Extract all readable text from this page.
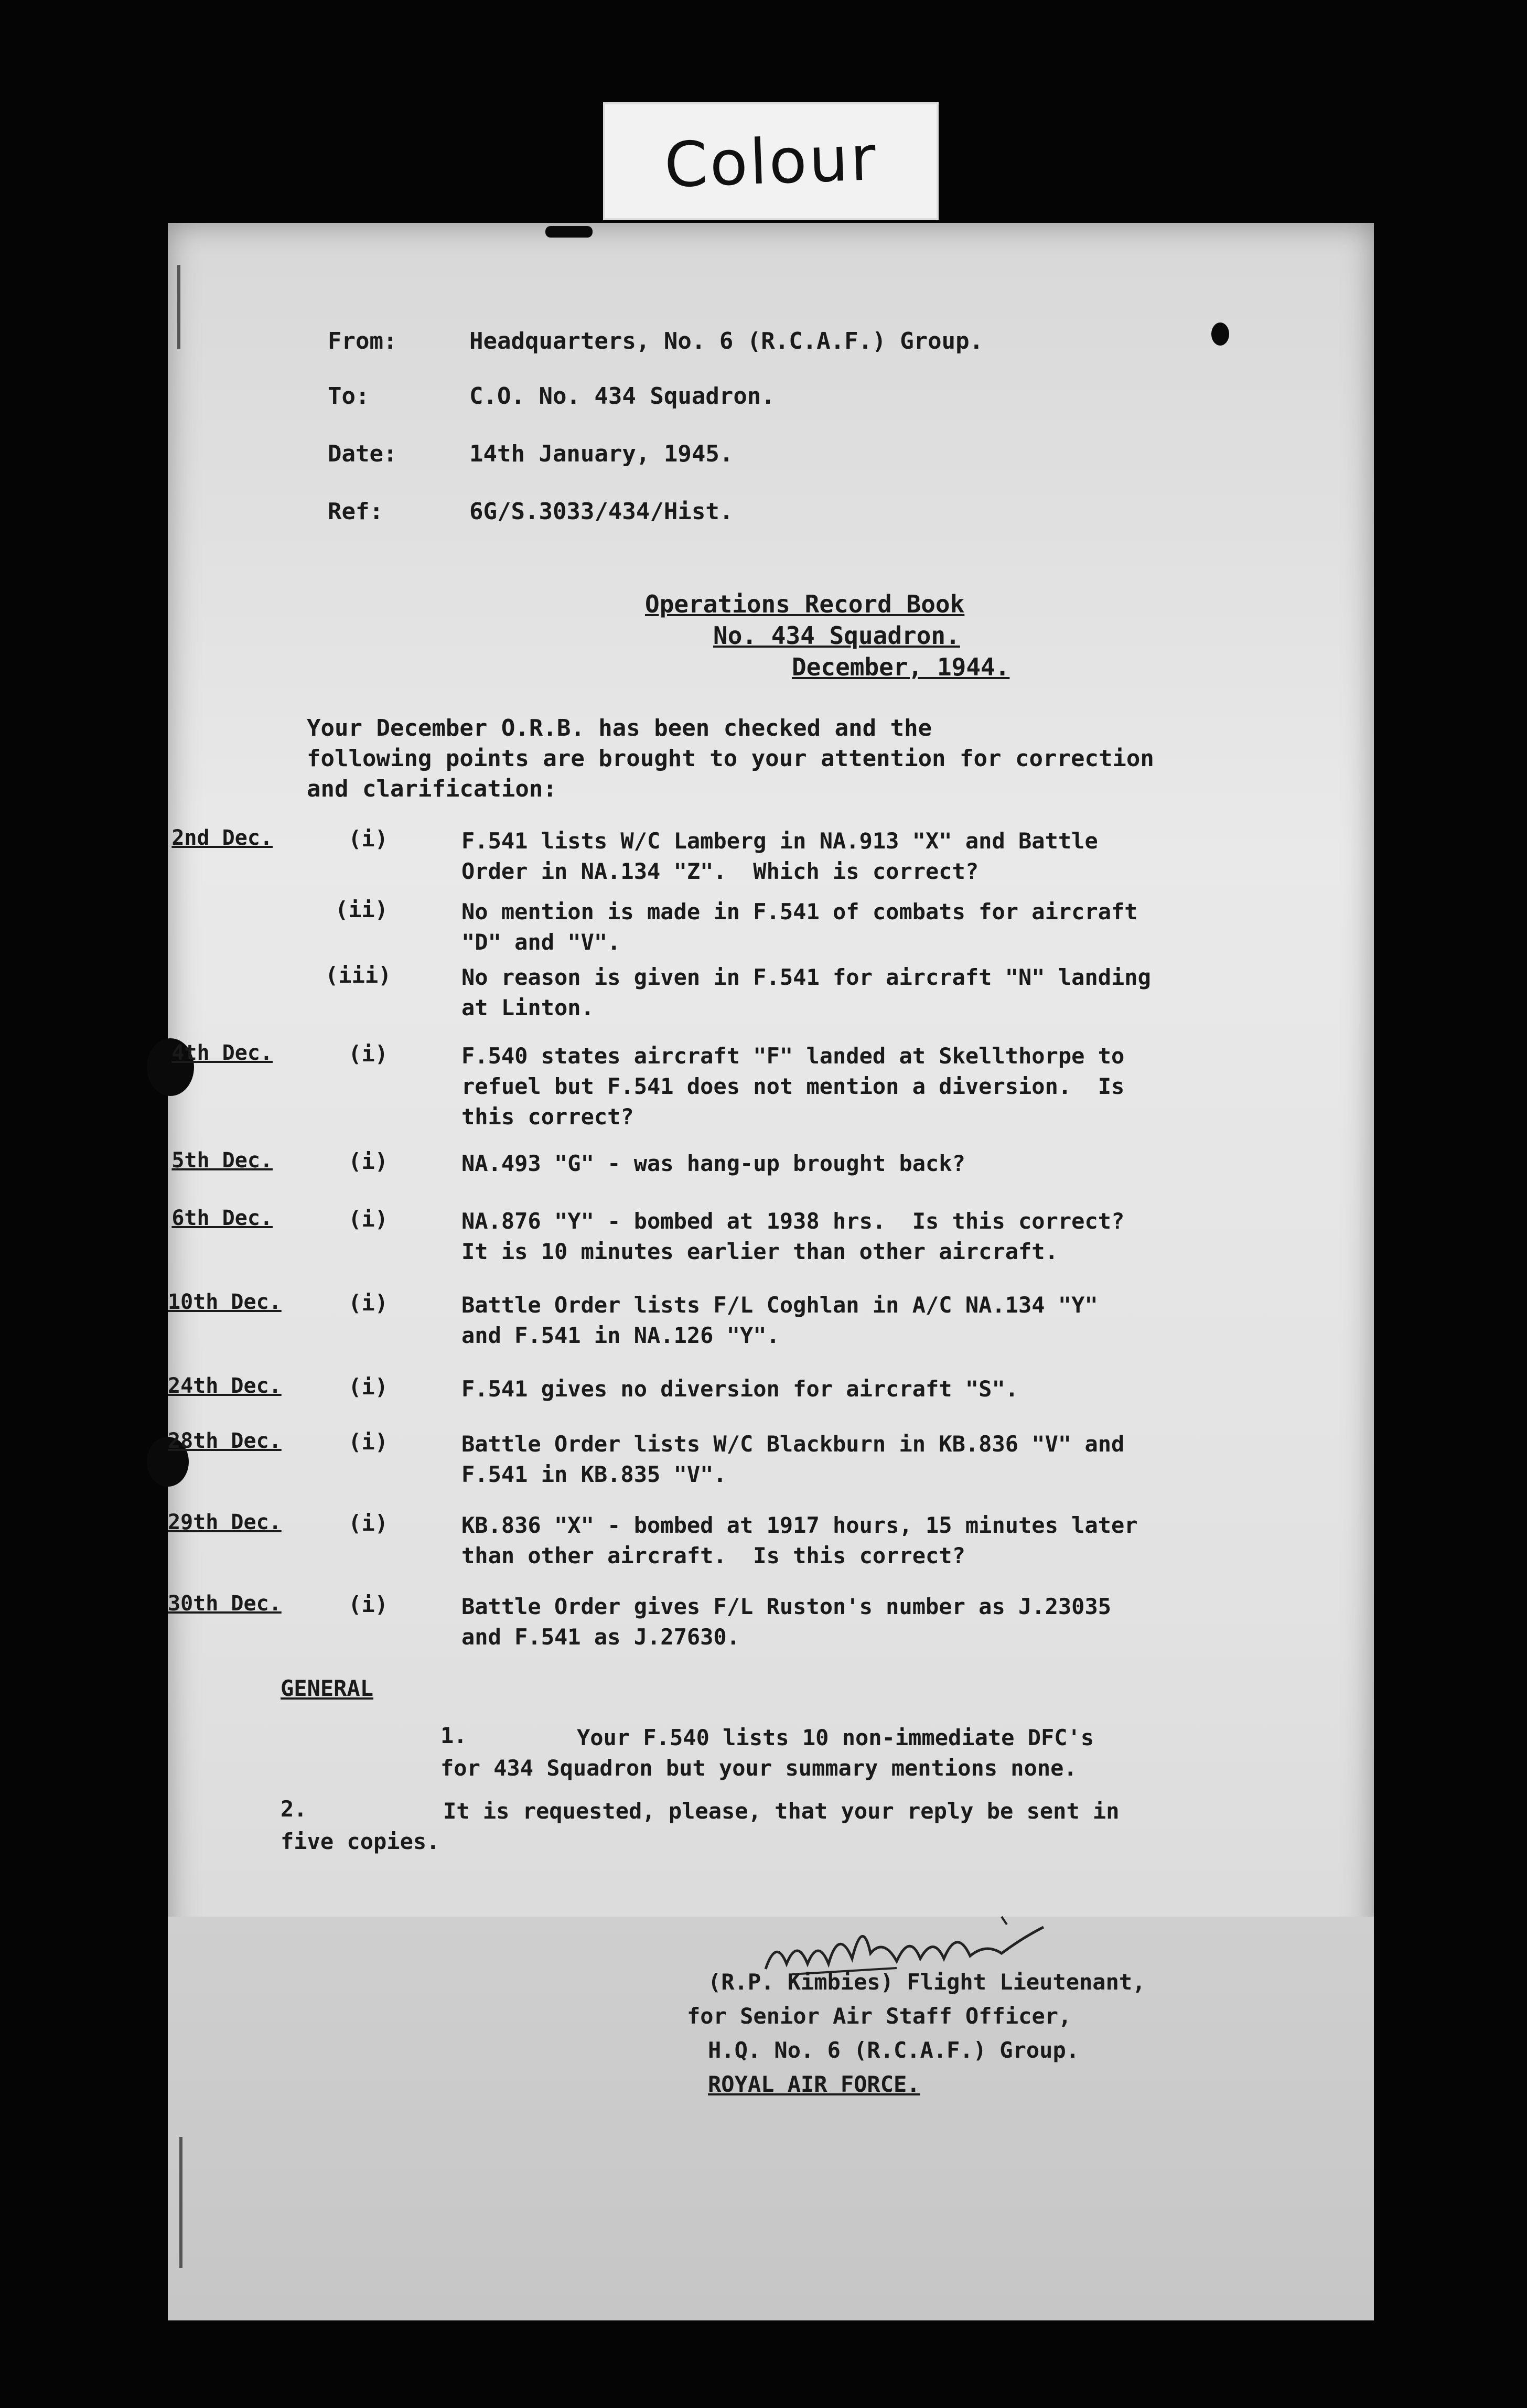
Colour
From:	Headquarters, No. 6 (R.C.A.F.) Group.
To:	C.O. No. 434 Squadron.
Date:	14th January, 1945.
Ref:	6G/S.3033/434/Hist.
Operations Record Book
No. 434 Squadron.
December, 1944.
Your December O.R.B. has been checked and the
following points are brought to your attention for correction
and clarification:
2nd Dec.	(i)	F.541 lists W/C Lamberg in NA.913 "X" and Battle
Order in NA.134 "Z".  Which is correct?
(ii)	No mention is made in F.541 of combats for aircraft
"D" and "V".
(iii)	No reason is given in F.541 for aircraft "N" landing
at Linton.
4th Dec.	(i)	F.540 states aircraft "F" landed at Skellthorpe to
refuel but F.541 does not mention a diversion.  Is
this correct?
5th Dec.	(i)	NA.493 "G" - was hang-up brought back?
6th Dec.	(i)	NA.876 "Y" - bombed at 1938 hrs.  Is this correct?
It is 10 minutes earlier than other aircraft.
10th Dec.	(i)	Battle Order lists F/L Coghlan in A/C NA.134 "Y"
and F.541 in NA.126 "Y".
24th Dec.	(i)	F.541 gives no diversion for aircraft "S".
28th Dec.	(i)	Battle Order lists W/C Blackburn in KB.836 "V" and
F.541 in KB.835 "V".
29th Dec.	(i)	KB.836 "X" - bombed at 1917 hours, 15 minutes later
than other aircraft.  Is this correct?
30th Dec.	(i)	Battle Order gives F/L Ruston's number as J.23035
and F.541 as J.27630.
GENERAL
1.	Your F.540 lists 10 non-immediate DFC's
for 434 Squadron but your summary mentions none.
2.	It is requested, please, that your reply be sent in
five copies.
(R.P. Kimbies) Flight Lieutenant,
for Senior Air Staff Officer,
H.Q. No. 6 (R.C.A.F.) Group.
ROYAL AIR FORCE.
